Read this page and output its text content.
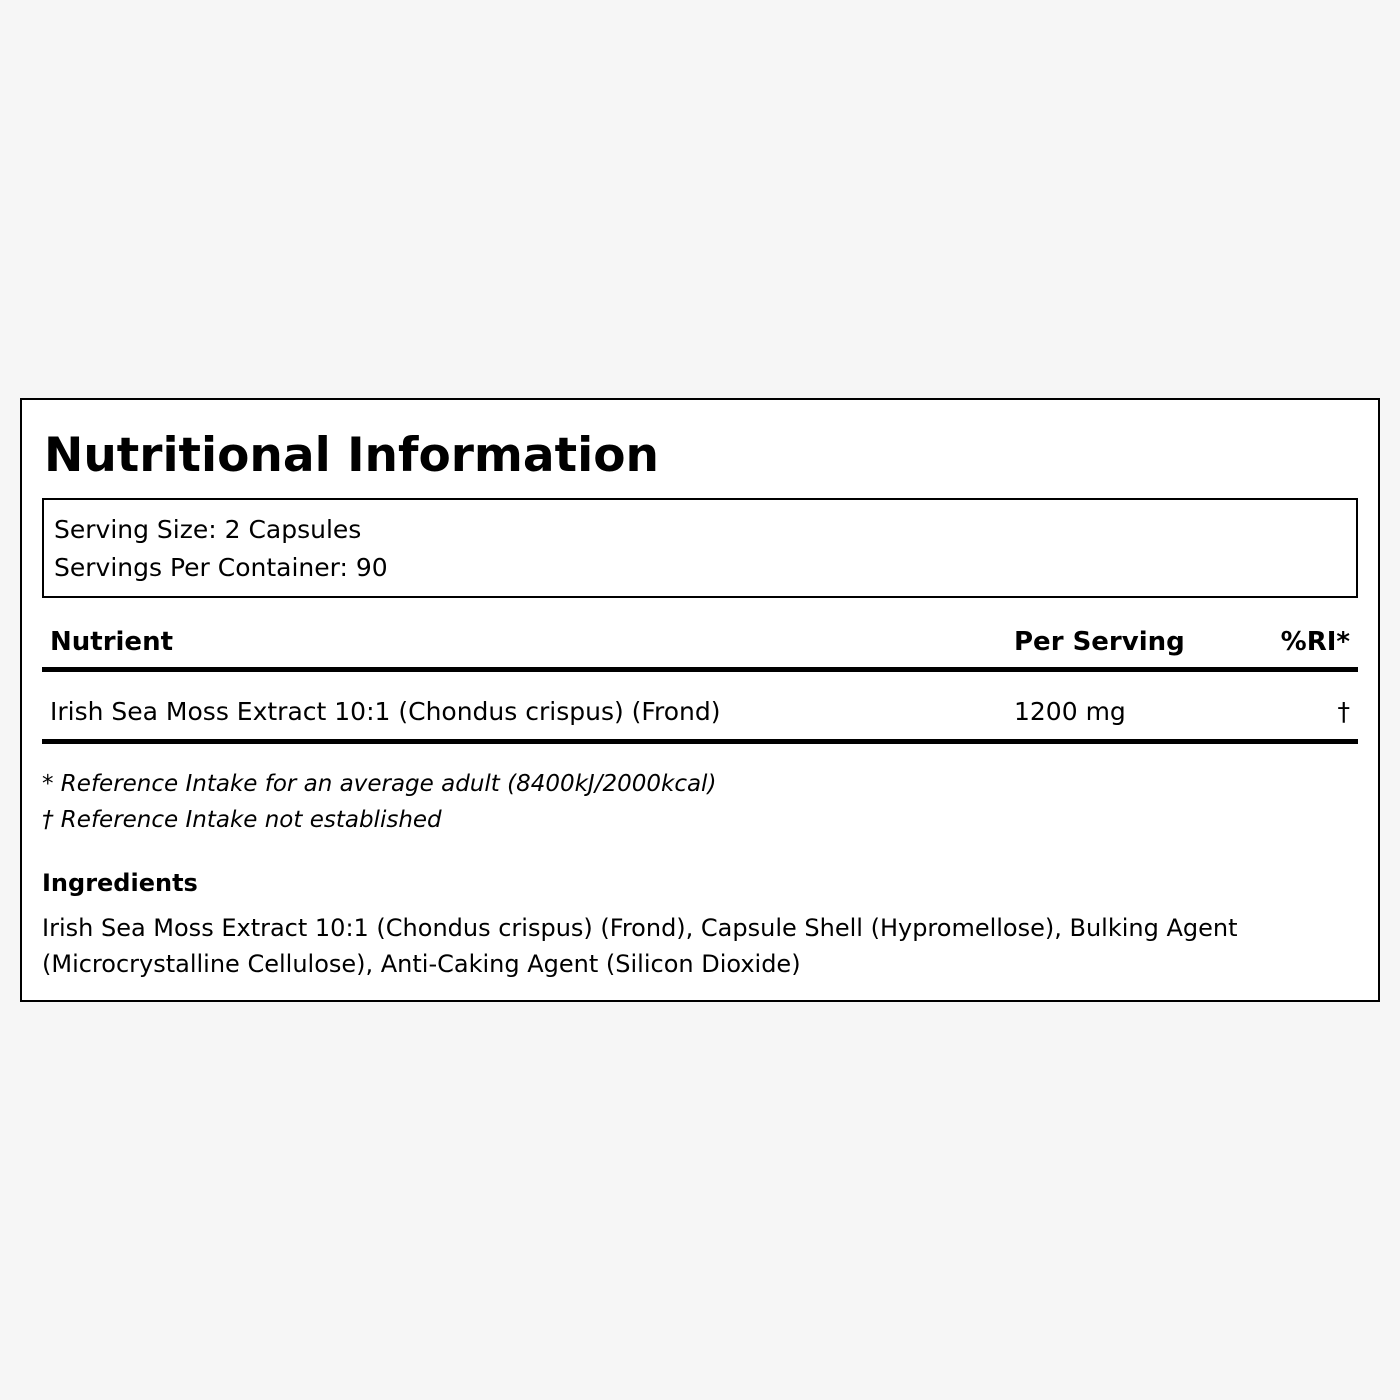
Nutritional Information
Serving Size: 2 Capsules
Servings Per Container: 90
Nutrient	Per Serving	%RI*
Irish Sea Moss Extract 10:1 (Chondus crispus) (Frond)	1200 mg	†
* Reference Intake for an average adult (8400kJ/2000kcal)
† Reference Intake not established
Ingredients
Irish Sea Moss Extract 10:1 (Chondus crispus) (Frond), Capsule Shell (Hypromellose), Bulking Agent (Microcrystalline Cellulose), Anti-Caking Agent (Silicon Dioxide)
